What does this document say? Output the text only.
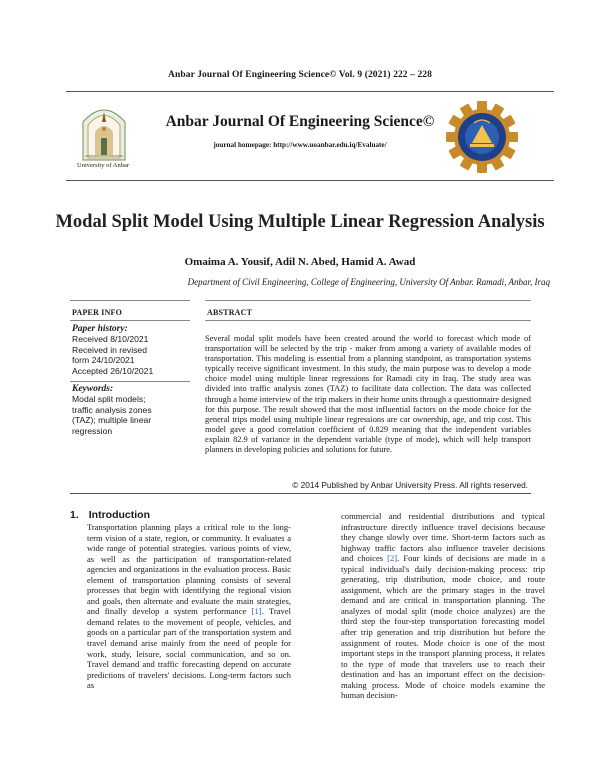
Anbar Journal Of Engineering Science© Vol. 9 (2021) 222 – 228
University of Anbar
Anbar Journal Of Engineering Science©
journal homepage: http://www.uoanbar.edu.iq/Evaluate/
Modal Split Model Using Multiple Linear Regression Analysis
Omaima A. Yousif, Adil N. Abed, Hamid A. Awad
Department of Civil Engineering, College of Engineering, University Of Anbar. Ramadi, Anbar, Iraq
PAPER INFO	ABSTRACT
Paper history:
Received 8/10/2021
Received in revised
form 24/10/2021
Accepted 26/10/2021
Keywords:
Modal split models;
traffic analysis zones
(TAZ); multiple linear
regression

Several modal split models have been created around the world to forecast which mode of transportation will be selected by the trip - maker from among a variety of available modes of transportation. This modeling is essential from a planning standpoint, as transportation systems typically receive significant investment. In this study, the main purpose was to develop a mode choice model using multiple linear regressions for Ramadi city in Iraq. The study area was divided into traffic analysis zones (TAZ) to facilitate data collection. The data was collected through a home interview of the trip makers in their home units through a questionnaire designed for this purpose. The result showed that the most influential factors on the mode choice for the general trips model using multiple linear regressions are car ownership, age, and trip cost. This model gave a good correlation coefficient of 0.829 meaning that the independent variables explain 82.9 of variance in the dependent variable (type of mode), which will help transport planners in developing policies and solutions for future.

© 2014 Published by Anbar University Press. All rights reserved.
1. Introduction

Transportation planning plays a critical role to the long-term vision of a state, region, or community. It evaluates a wide range of potential strategies. various points of view, as well as the participation of transportation-related agencies and organizations in the evaluation process. Basic element of transportation planning consists of several processes that begin with identifying the regional vision and goals, then alternate and evaluate the main strategies, and finally develop a system performance [1]. Travel demand relates to the movement of people, vehicles, and goods on a particular part of the transportation system and travel demand arise mainly from the need of people for work, study, leisure, social communication, and so on. Travel demand and traffic forecasting depend on accurate predictions of travelers' decisions. Long-term factors such as

commercial and residential distributions and typical infrastructure directly influence travel decisions because they change slowly over time. Short-term factors such as highway traffic factors also influence traveler decisions and choices [2]. Four kinds of decisions are made in a typical individual's daily decision-making process: trip generating, trip distribution, mode choice, and route assignment, which are the primary stages in the travel demand and are critical in transportation planning. The analyzes of modal split (mode choice analyzes) are the third step the four-step transportation forecasting model after trip generation and trip distribution but before the assignment of routes. Mode choice is one of the most important steps in the transport planning process, it relates to the type of mode that travelers use to reach their destination and has an important effect on the decision-making process. Mode of choice models examine the human decision-
